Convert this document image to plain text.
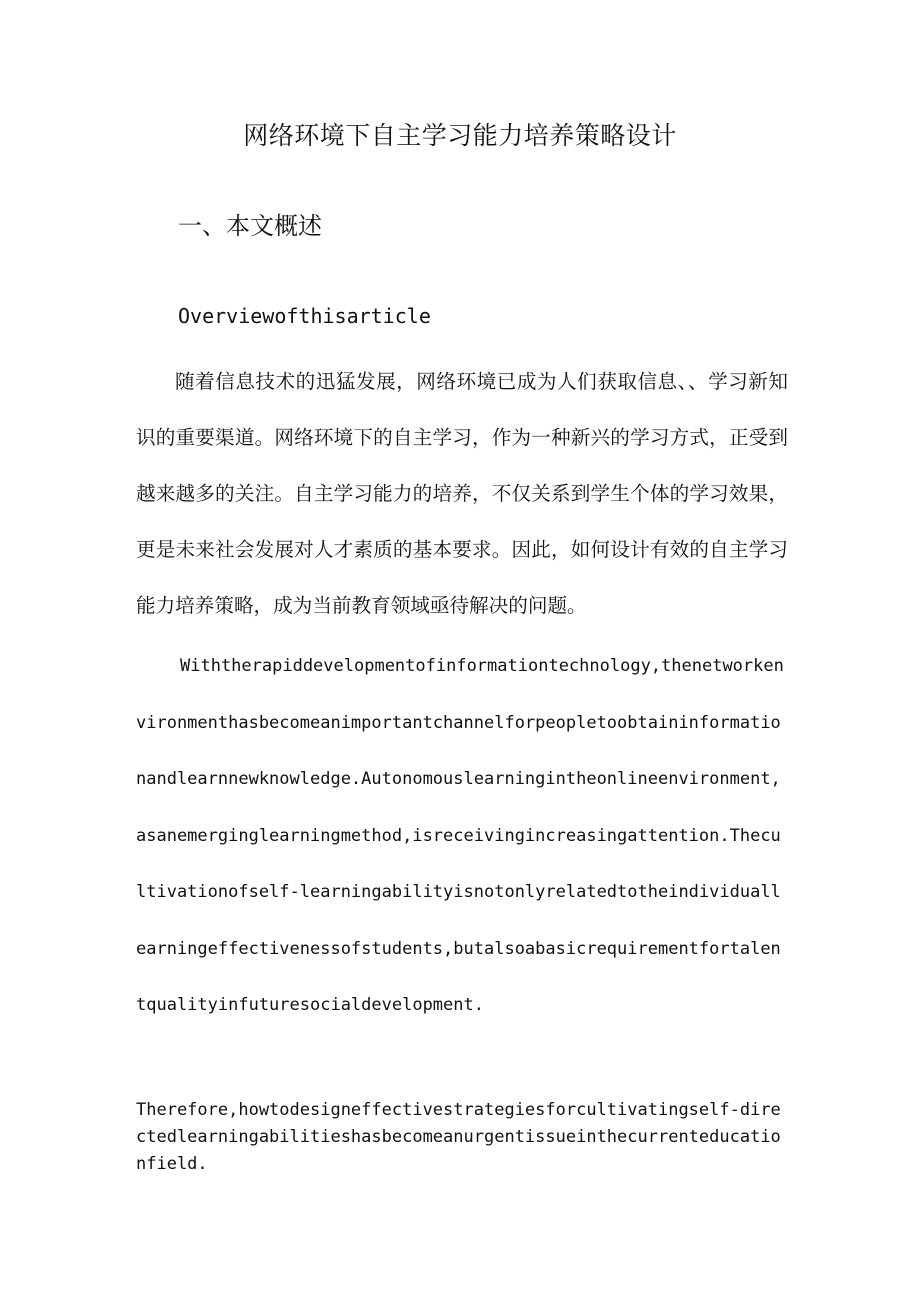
网络环境下自主学习能力培养策略设计
一、本文概述

Overviewofthisarticle

随着信息技术的迅猛发展，网络环境已成为人们获取信息、、学习新知识的重要渠道。网络环境下的自主学习，作为一种新兴的学习方式，正受到越来越多的关注。自主学习能力的培养，不仅关系到学生个体的学习效果，更是未来社会发展对人才素质的基本要求。因此，如何设计有效的自主学习能力培养策略，成为当前教育领域亟待解决的问题。

Withtherapiddevelopmentofinformationtechnology,thenetworkenvironmenthasbecomeanimportantchannelforpeopletoobtaininformationandlearnnewknowledge.Autonomouslearningintheonlineenvironment,asanemerginglearningmethod,isreceivingincreasingattention.Thecultivationofself-learningabilityisnotonlyrelatedtotheindividuallearningeffectivenessofstudents,butalsoabasicrequirementfortalentqualityinfuturesocialdevelopment.

Therefore,howtodesigneffectivestrategiesforcultivatingself-directedlearningabilitieshasbecomeanurgentissueinthecurrenteducationfield.
